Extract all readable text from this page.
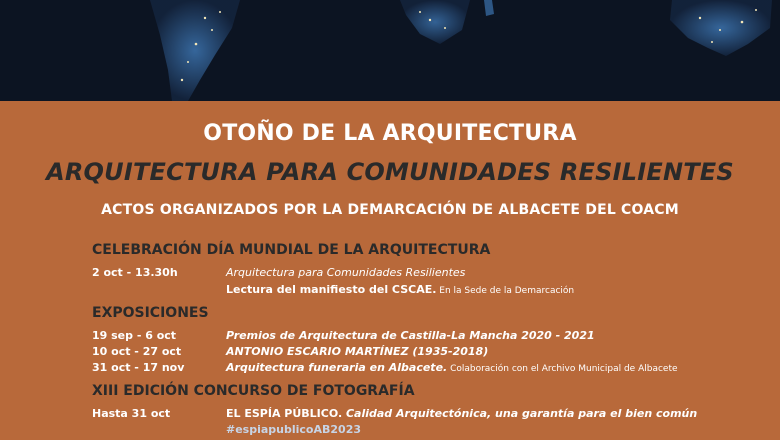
OTOÑO DE LA ARQUITECTURA
ARQUITECTURA PARA COMUNIDADES RESILIENTES
ACTOS ORGANIZADOS POR LA DEMARCACIÓN DE ALBACETE DEL COACM
CELEBRACIÓN DÍA MUNDIAL DE LA ARQUITECTURA
2 oct - 13.30h	Arquitectura para Comunidades Resilientes
Lectura del manifiesto del CSCAE. En la Sede de la Demarcación
EXPOSICIONES
19 sep - 6 oct	Premios de Arquitectura de Castilla-La Mancha 2020 - 2021
10 oct - 27 oct	ANTONIO ESCARIO MARTÍNEZ (1935-2018)
31 oct - 17 nov	Arquitectura funeraria en Albacete. Colaboración con el Archivo Municipal de Albacete
XIII EDICIÓN CONCURSO DE FOTOGRAFÍA
Hasta 31 oct	EL ESPÍA PÚBLICO. Calidad Arquitectónica, una garantía para el bien común
#espiapublicoAB2023
